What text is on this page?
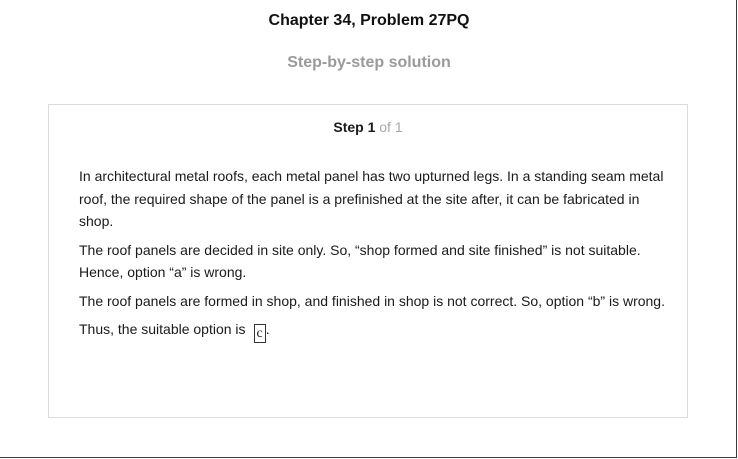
Chapter 34, Problem 27PQ
Step-by-step solution
Step 1 of 1

In architectural metal roofs, each metal panel has two upturned legs. In a standing seam metal roof, the required shape of the panel is a prefinished at the site after, it can be fabricated in shop.

The roof panels are decided in site only. So, “shop formed and site finished” is not suitable. Hence, option “a” is wrong.

The roof panels are formed in shop, and finished in shop is not correct. So, option “b” is wrong.

Thus, the suitable option is c .
